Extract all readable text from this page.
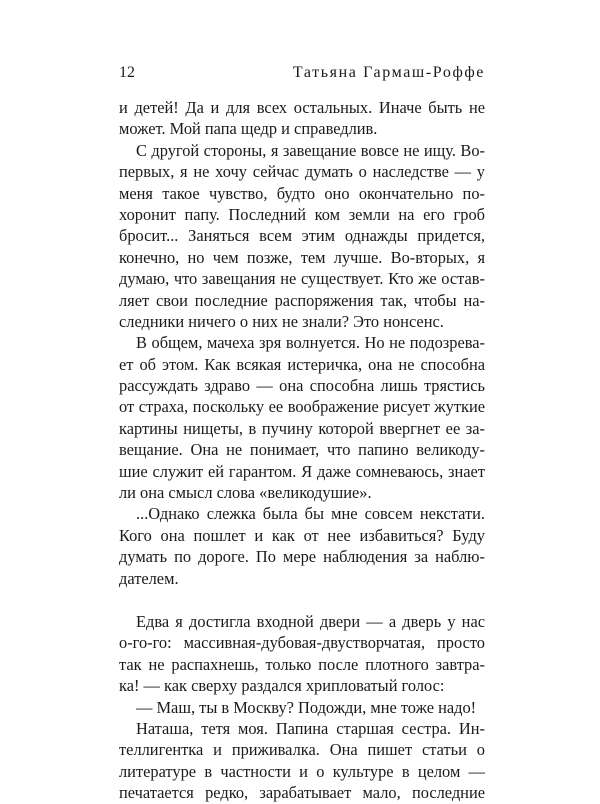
12	Татьяна Гармаш-Роффе
и детей! Да и для всех остальных. Иначе быть не
может. Мой папа щедр и справедлив.
С другой стороны, я завещание вовсе не ищу. Во-
первых, я не хочу сейчас думать о наследстве — у
меня такое чувство, будто оно окончательно по-
хоронит папу. Последний ком земли на его гроб
бросит... Заняться всем этим однажды придется,
конечно, но чем позже, тем лучше. Во-вторых, я
думаю, что завещания не существует. Кто же остав-
ляет свои последние распоряжения так, чтобы на-
следники ничего о них не знали? Это нонсенс.
В общем, мачеха зря волнуется. Но не подозрева-
ет об этом. Как всякая истеричка, она не способна
рассуждать здраво — она способна лишь трястись
от страха, поскольку ее воображение рисует жуткие
картины нищеты, в пучину которой ввергнет ее за-
вещание. Она не понимает, что папино великоду-
шие служит ей гарантом. Я даже сомневаюсь, знает
ли она смысл слова «великодушие».
...Однако слежка была бы мне совсем некстати.
Кого она пошлет и как от нее избавиться? Буду
думать по дороге. По мере наблюдения за наблю-
дателем.
Едва я достигла входной двери — а дверь у нас
о-го-го: массивная-дубовая-двустворчатая, просто
так не распахнешь, только после плотного завтра-
ка! — как сверху раздался хрипловатый голос:
— Маш, ты в Москву? Подожди, мне тоже надо!
Наташа, тетя моя. Папина старшая сестра. Ин-
теллигентка и приживалка. Она пишет статьи о
литературе в частности и о культуре в целом —
печатается редко, зарабатывает мало, последние
